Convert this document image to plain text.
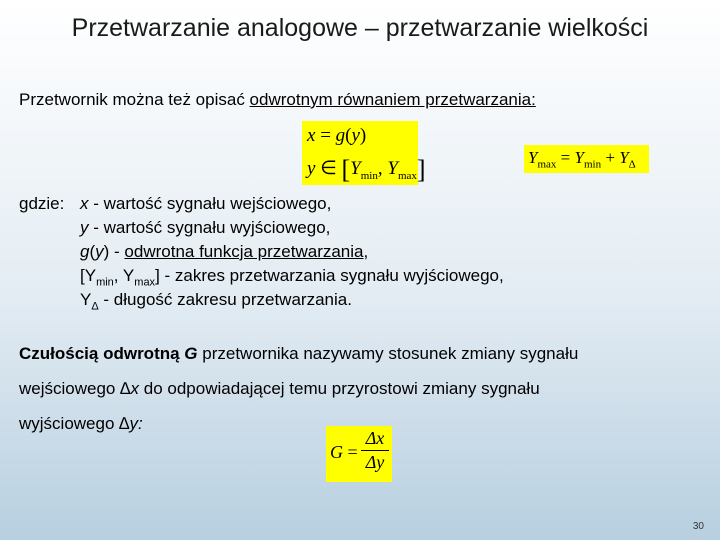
Przetwarzanie analogowe – przetwarzanie wielkości
Przetwornik można też opisać odwrotnym równaniem przetwarzania:
x = g(y)
y ∈ [$Y_{min}$, $Y_{max}$]	$Y_{max} = Y_{min} + Y_\Delta$
gdzie: x - wartość sygnału wejściowego,
y - wartość sygnału wyjściowego,
g(y) - odwrotna funkcja przetwarzania,
[$Y_{min}$, $Y_{max}$] - zakres przetwarzania sygnału wyjściowego,
$Y_\Delta$ - długość zakresu przetwarzania.
Czułością odwrotną G przetwornika nazywamy stosunek zmiany sygnału
wejściowego ∆x do odpowiadającej temu przyrostowi zmiany sygnału
wyjściowego ∆y:
$G = \frac{\Delta x}{\Delta y}$
30
